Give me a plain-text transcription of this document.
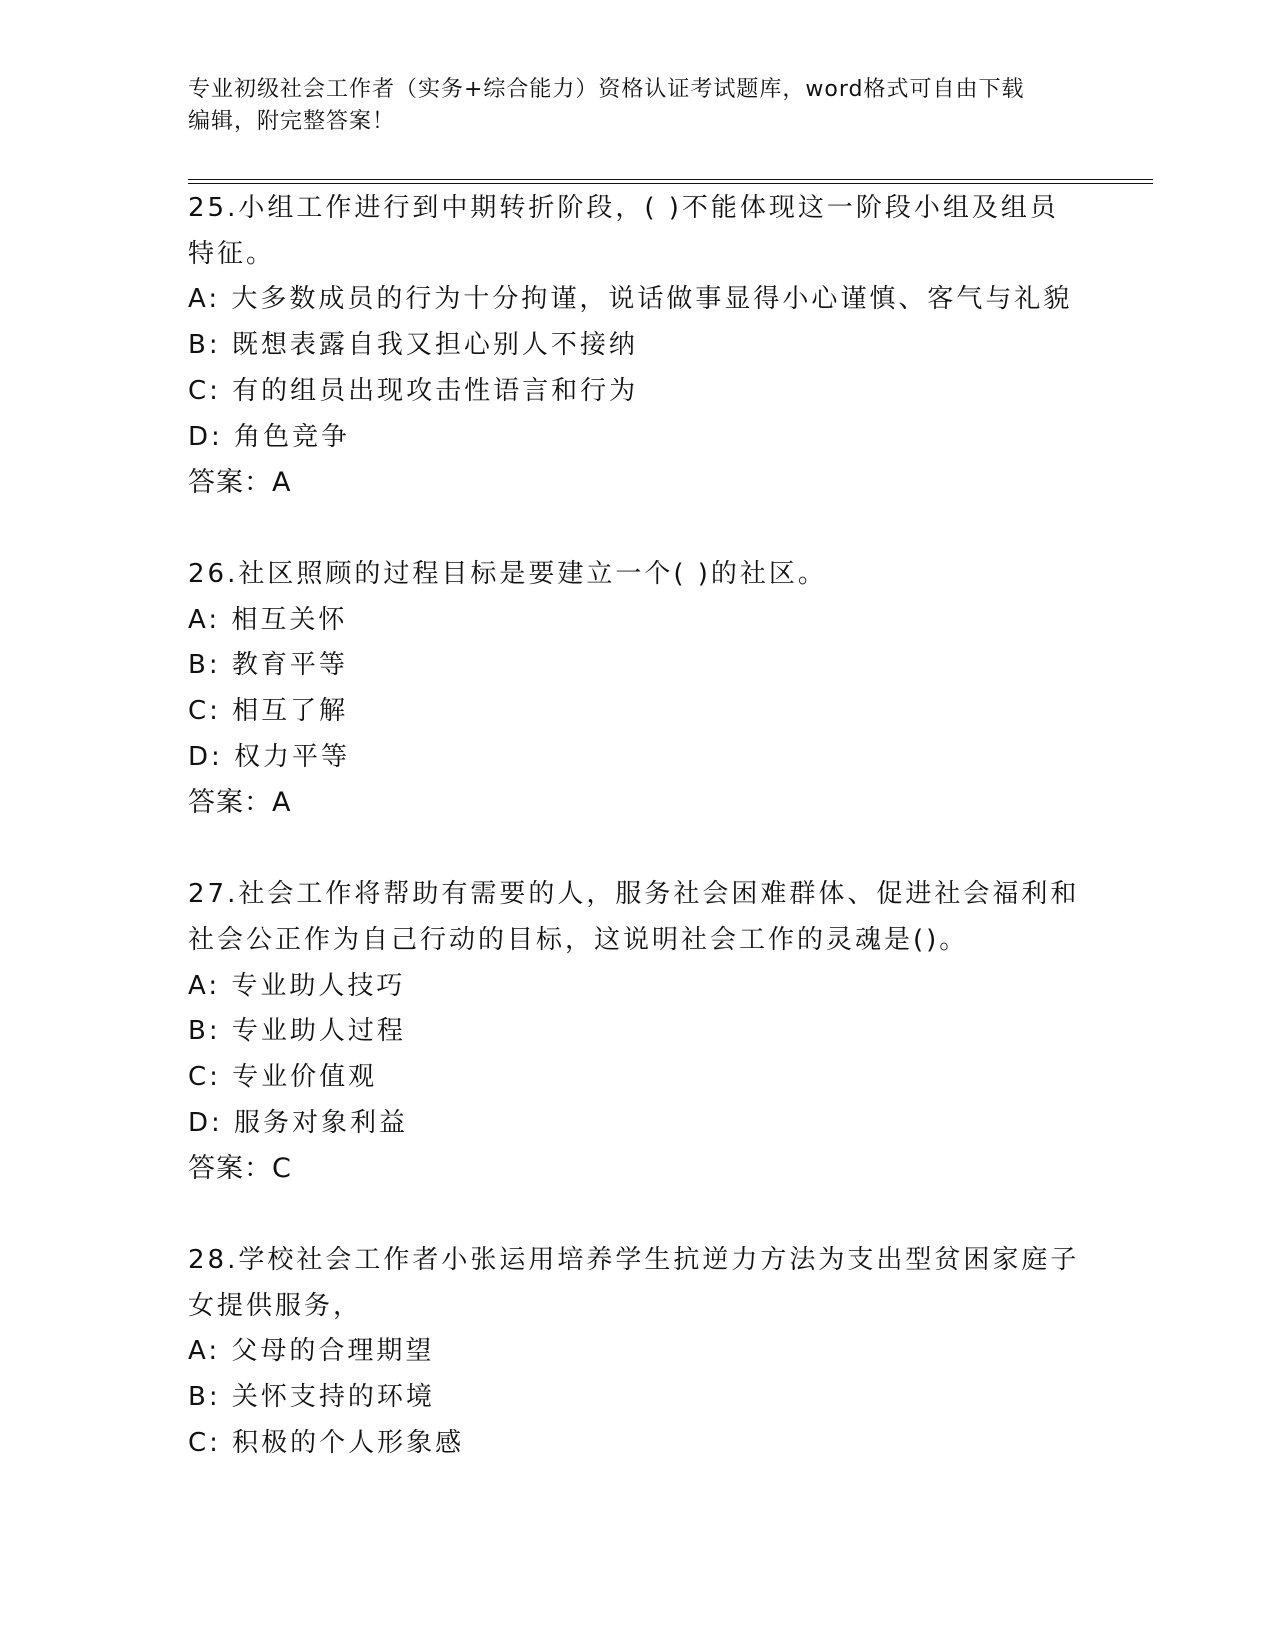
专业初级社会工作者（实务+综合能力）资格认证考试题库，word格式可自由下载
编辑，附完整答案！
25.小组工作进行到中期转折阶段，( )不能体现这一阶段小组及组员
特征。
A: 大多数成员的行为十分拘谨，说话做事显得小心谨慎、客气与礼貌
B: 既想表露自我又担心别人不接纳
C: 有的组员出现攻击性语言和行为
D: 角色竞争
答案：A
26.社区照顾的过程目标是要建立一个( )的社区。
A: 相互关怀
B: 教育平等
C: 相互了解
D: 权力平等
答案：A
27.社会工作将帮助有需要的人，服务社会困难群体、促进社会福利和
社会公正作为自己行动的目标，这说明社会工作的灵魂是()。
A: 专业助人技巧
B: 专业助人过程
C: 专业价值观
D: 服务对象利益
答案：C
28.学校社会工作者小张运用培养学生抗逆力方法为支出型贫困家庭子
女提供服务，
A: 父母的合理期望
B: 关怀支持的环境
C: 积极的个人形象感
